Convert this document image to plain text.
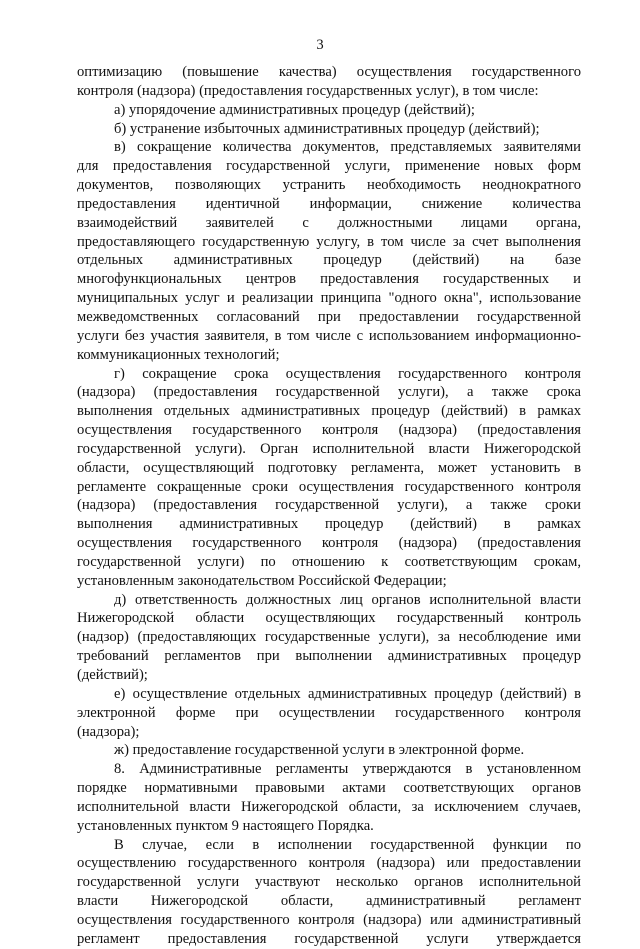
3
оптимизацию (повышение качества) осуществления государственного
контроля (надзора) (предоставления государственных услуг), в том числе:
а) упорядочение административных процедур (действий);
б) устранение избыточных административных процедур (действий);
в) сокращение количества документов, представляемых заявителями
для предоставления государственной услуги, применение новых форм
документов, позволяющих устранить необходимость неоднократного
предоставления идентичной информации, снижение количества
взаимодействий заявителей с должностными лицами органа,
предоставляющего государственную услугу, в том числе за счет выполнения
отдельных административных процедур (действий) на базе
многофункциональных центров предоставления государственных и
муниципальных услуг и реализации принципа "одного окна", использование
межведомственных согласований при предоставлении государственной
услуги без участия заявителя, в том числе с использованием информационно-
коммуникационных технологий;
г) сокращение срока осуществления государственного контроля
(надзора) (предоставления государственной услуги), а также срока
выполнения отдельных административных процедур (действий) в рамках
осуществления государственного контроля (надзора) (предоставления
государственной услуги). Орган исполнительной власти Нижегородской
области, осуществляющий подготовку регламента, может установить в
регламенте сокращенные сроки осуществления государственного контроля
(надзора) (предоставления государственной услуги), а также сроки
выполнения административных процедур (действий) в рамках
осуществления государственного контроля (надзора) (предоставления
государственной услуги) по отношению к соответствующим срокам,
установленным законодательством Российской Федерации;
д) ответственность должностных лиц органов исполнительной власти
Нижегородской области осуществляющих государственный контроль
(надзор) (предоставляющих государственные услуги), за несоблюдение ими
требований регламентов при выполнении административных процедур
(действий);
е) осуществление отдельных административных процедур (действий) в
электронной форме при осуществлении государственного контроля
(надзора);
ж) предоставление государственной услуги в электронной форме.
8. Административные регламенты утверждаются в установленном
порядке нормативными правовыми актами соответствующих органов
исполнительной власти Нижегородской области, за исключением случаев,
установленных пунктом 9 настоящего Порядка.
В случае, если в исполнении государственной функции по
осуществлению государственного контроля (надзора) или предоставлении
государственной услуги участвуют несколько органов исполнительной
власти Нижегородской области, административный регламент
осуществления государственного контроля (надзора) или административный
регламент предоставления государственной услуги утверждается
